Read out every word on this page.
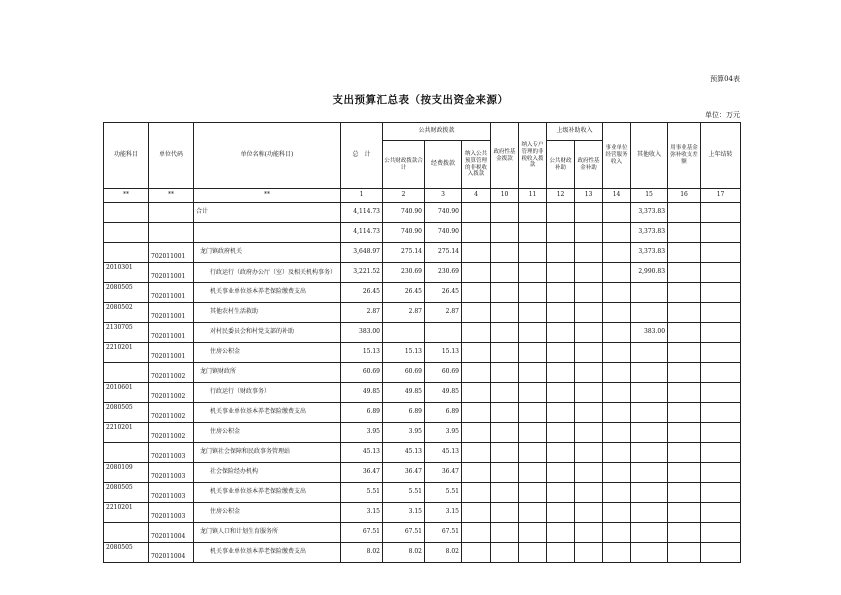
预算04表
支出预算汇总表（按支出资金来源）
单位：万元
功能科目	单位代码	单位名称(功能科目)	总　计	公共财政拨款			政府性基金拨款	纳入专户管理的非税收入拨款	上级补助收入		事业单位经营服务收入	其他收入	用事业基金弥补收支差额	上年结转
				公共财政拨款合计	经费拨款	纳入公共预算管理的非税收入拨款			公共财政补助	政府性基金补助				

**	**	**	1	2	3	4	10	11	12	13	14	15	16	17
		合计	4,114.73	740.90	740.90							3,373.83		
			4,114.73	740.90	740.90							3,373.83		
	702011001	龙门镇政府机关	3,648.97	275.14	275.14							3,373.83		
2010301	702011001	行政运行（政府办公厅（室）及相关机构事务）	3,221.52	230.69	230.69							2,990.83		
2080505	702011001	机关事业单位基本养老保险缴费支出	26.45	26.45	26.45									
2080502	702011001	其他农村生活救助	2.87	2.87	2.87									
2130705	702011001	对村民委员会和村党支部的补助	383.00									383.00		
2210201	702011001	住房公积金	15.13	15.13	15.13									
	702011002	龙门镇财政所	60.69	60.69	60.69									
2010601	702011002	行政运行（财政事务）	49.85	49.85	49.85									
2080505	702011002	机关事业单位基本养老保险缴费支出	6.89	6.89	6.89									
2210201	702011002	住房公积金	3.95	3.95	3.95									
	702011003	龙门镇社会保障和民政事务管理站	45.13	45.13	45.13									
2080109	702011003	社会保险经办机构	36.47	36.47	36.47									
2080505	702011003	机关事业单位基本养老保险缴费支出	5.51	5.51	5.51									
2210201	702011003	住房公积金	3.15	3.15	3.15									
	702011004	龙门镇人口和计划生育服务所	67.51	67.51	67.51									
2080505	702011004	机关事业单位基本养老保险缴费支出	8.02	8.02	8.02									
